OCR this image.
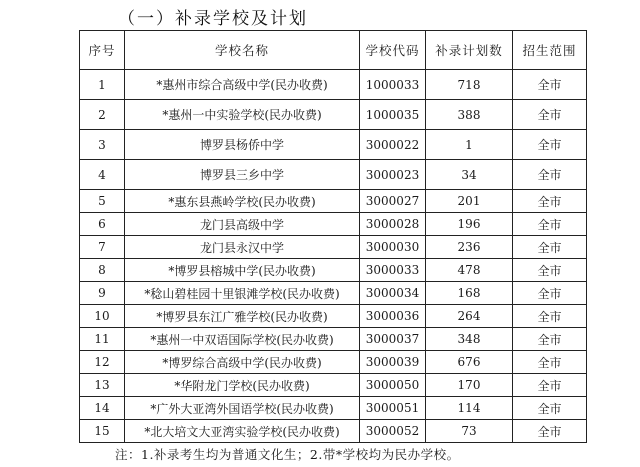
（一）补录学校及计划
序号	学校名称	学校代码	补录计划数	招生范围
1	*惠州市综合高级中学(民办收费)	1000033	718	全市
2	*惠州一中实验学校(民办收费)	1000035	388	全市
3	博罗县杨侨中学	3000022	1	全市
4	博罗县三乡中学	3000023	34	全市
5	*惠东县燕岭学校(民办收费)	3000027	201	全市
6	龙门县高级中学	3000028	196	全市
7	龙门县永汉中学	3000030	236	全市
8	*博罗县榕城中学(民办收费)	3000033	478	全市
9	*稔山碧桂园十里银滩学校(民办收费)	3000034	168	全市
10	*博罗县东江广雅学校(民办收费)	3000036	264	全市
11	*惠州一中双语国际学校(民办收费)	3000037	348	全市
12	*博罗综合高级中学(民办收费)	3000039	676	全市
13	*华附龙门学校(民办收费)	3000050	170	全市
14	*广外大亚湾外国语学校(民办收费)	3000051	114	全市
15	*北大培文大亚湾实验学校(民办收费)	3000052	73	全市
注：1.补录考生均为普通文化生；2.带*学校均为民办学校。
